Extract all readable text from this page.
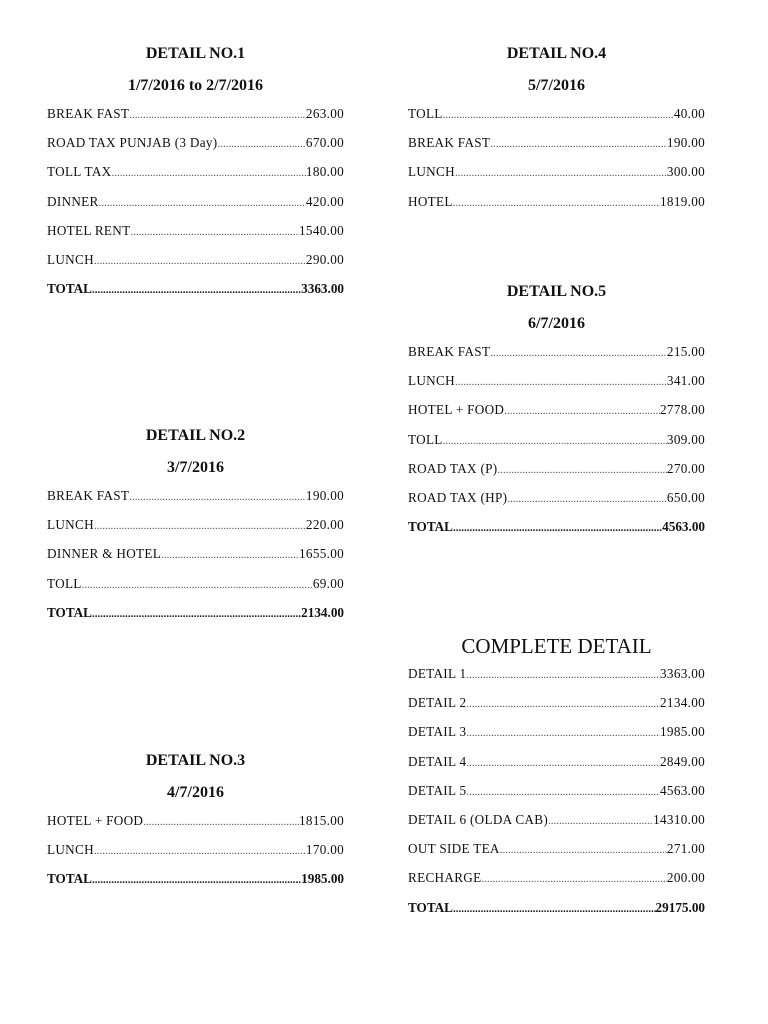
DETAIL NO.1
1/7/2016 to 2/7/2016
BREAK FAST .....	263.00
ROAD TAX PUNJAB (3 Day) .....	670.00
TOLL TAX .....	180.00
DINNER .....	420.00
HOTEL RENT .....	1540.00
LUNCH .....	290.00
TOTAL .....	3363.00
DETAIL NO.2
3/7/2016
BREAK FAST .....	190.00
LUNCH .....	220.00
DINNER & HOTEL .....	1655.00
TOLL .....	69.00
TOTAL .....	2134.00
DETAIL NO.3
4/7/2016
HOTEL + FOOD .....	1815.00
LUNCH .....	170.00
TOTAL .....	1985.00
DETAIL NO.4
5/7/2016
TOLL .....	40.00
BREAK FAST .....	190.00
LUNCH .....	300.00
HOTEL .....	1819.00
DETAIL NO.5
6/7/2016
BREAK FAST .....	215.00
LUNCH .....	341.00
HOTEL + FOOD .....	2778.00
TOLL .....	309.00
ROAD TAX (P) .....	270.00
ROAD TAX (HP) .....	650.00
TOTAL .....	4563.00
COMPLETE DETAIL
DETAIL 1 .....	3363.00
DETAIL 2 .....	2134.00
DETAIL 3 .....	1985.00
DETAIL 4 .....	2849.00
DETAIL 5 .....	4563.00
DETAIL 6 (OLDA CAB) .....	14310.00
OUT SIDE TEA .....	271.00
RECHARGE .....	200.00
TOTAL .....	29175.00
